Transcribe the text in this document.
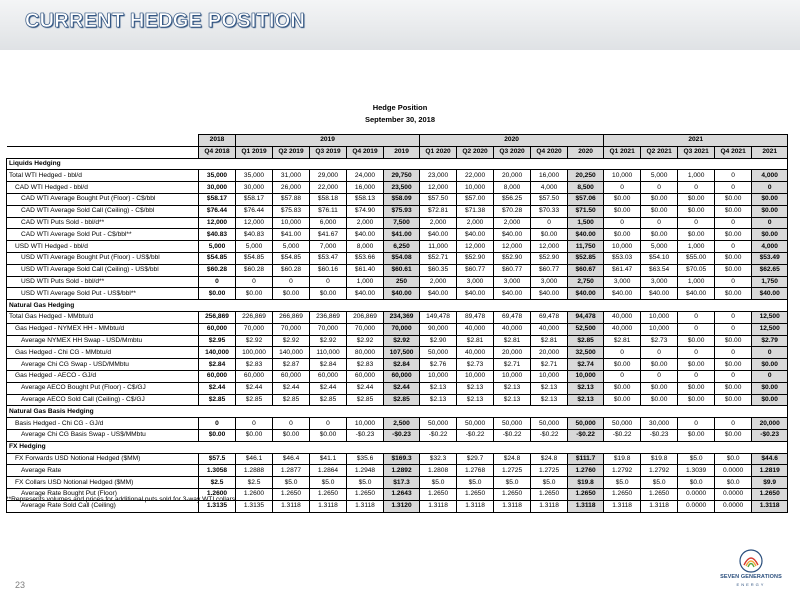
CURRENT HEDGE POSITION
Hedge Position
September 30, 2018
	2018	2019					2020					2021				
	Q4 2018	Q1 2019	Q2 2019	Q3 2019	Q4 2019	2019	Q1 2020	Q2 2020	Q3 2020	Q4 2020	2020	Q1 2021	Q2 2021	Q3 2021	Q4 2021	2021
Liquids Hedging																
Total WTI Hedged - bbl/d	35,000	35,000	31,000	29,000	24,000	29,750	23,000	22,000	20,000	16,000	20,250	10,000	5,000	1,000	0	4,000
CAD WTI Hedged - bbl/d	30,000	30,000	26,000	22,000	16,000	23,500	12,000	10,000	8,000	4,000	8,500	0	0	0	0	0
CAD WTI Average Bought Put (Floor) - C$/bbl	$58.17	$58.17	$57.88	$58.18	$58.13	$58.09	$57.50	$57.00	$56.25	$57.50	$57.06	$0.00	$0.00	$0.00	$0.00	$0.00
CAD WTI Average Sold Call (Ceiling) - C$/bbl	$76.44	$76.44	$75.83	$76.11	$74.90	$75.93	$72.81	$71.38	$70.28	$70.33	$71.50	$0.00	$0.00	$0.00	$0.00	$0.00
CAD WTI Puts Sold - bbl/d**	12,000	12,000	10,000	6,000	2,000	7,500	2,000	2,000	2,000	0	1,500	0	0	0	0	0
CAD WTI Average Sold Put - C$/bbl**	$40.83	$40.83	$41.00	$41.67	$40.00	$41.00	$40.00	$40.00	$40.00	$0.00	$40.00	$0.00	$0.00	$0.00	$0.00	$0.00
USD WTI Hedged - bbl/d	5,000	5,000	5,000	7,000	8,000	6,250	11,000	12,000	12,000	12,000	11,750	10,000	5,000	1,000	0	4,000
USD WTI Average Bought Put (Floor) - US$/bbl	$54.85	$54.85	$54.85	$53.47	$53.66	$54.08	$52.71	$52.90	$52.90	$52.90	$52.85	$53.03	$54.10	$55.00	$0.00	$53.49
USD WTI Average Sold Call (Ceiling) - US$/bbl	$60.28	$60.28	$60.28	$60.16	$61.40	$60.61	$60.35	$60.77	$60.77	$60.77	$60.67	$61.47	$63.54	$70.05	$0.00	$62.65
USD WTI Puts Sold - bbl/d**	0	0	0	0	1,000	250	2,000	3,000	3,000	3,000	2,750	3,000	3,000	1,000	0	1,750
USD WTI Average Sold Put - US$/bbl**	$0.00	$0.00	$0.00	$0.00	$40.00	$40.00	$40.00	$40.00	$40.00	$40.00	$40.00	$40.00	$40.00	$40.00	$0.00	$40.00
Natural Gas Hedging																
Total Gas Hedged - MMbtu/d	256,869	226,869	266,869	236,869	206,869	234,369	149,478	89,478	69,478	69,478	94,478	40,000	10,000	0	0	12,500
Gas Hedged - NYMEX HH - MMbtu/d	60,000	70,000	70,000	70,000	70,000	70,000	90,000	40,000	40,000	40,000	52,500	40,000	10,000	0	0	12,500
Average NYMEX HH Swap - USD/Mmbtu	$2.95	$2.92	$2.92	$2.92	$2.92	$2.92	$2.90	$2.81	$2.81	$2.81	$2.85	$2.81	$2.73	$0.00	$0.00	$2.79
Gas Hedged - Chi CG - MMbtu/d	140,000	100,000	140,000	110,000	80,000	107,500	50,000	40,000	20,000	20,000	32,500	0	0	0	0	0
Average Chi CG Swap - USD/MMbtu	$2.84	$2.83	$2.87	$2.84	$2.83	$2.84	$2.76	$2.73	$2.71	$2.71	$2.74	$0.00	$0.00	$0.00	$0.00	$0.00
Gas Hedged - AECO - GJ/d	60,000	60,000	60,000	60,000	60,000	60,000	10,000	10,000	10,000	10,000	10,000	0	0	0	0	0
Average AECO Bought Put (Floor) - C$/GJ	$2.44	$2.44	$2.44	$2.44	$2.44	$2.44	$2.13	$2.13	$2.13	$2.13	$2.13	$0.00	$0.00	$0.00	$0.00	$0.00
Average AECO Sold Call (Ceiling) - C$/GJ	$2.85	$2.85	$2.85	$2.85	$2.85	$2.85	$2.13	$2.13	$2.13	$2.13	$2.13	$0.00	$0.00	$0.00	$0.00	$0.00
Natural Gas Basis Hedging																
Basis Hedged - Chi CG - GJ/d	0	0	0	0	10,000	2,500	50,000	50,000	50,000	50,000	50,000	50,000	30,000	0	0	20,000
Average Chi CG Basis Swap - US$/MMbtu	$0.00	$0.00	$0.00	$0.00	-$0.23	-$0.23	-$0.22	-$0.22	-$0.22	-$0.22	-$0.22	-$0.22	-$0.23	$0.00	$0.00	-$0.23
FX Hedging																
FX Forwards USD Notional Hedged ($MM)	$57.5	$46.1	$46.4	$41.1	$35.6	$169.3	$32.3	$29.7	$24.8	$24.8	$111.7	$19.8	$19.8	$5.0	$0.0	$44.6
Average Rate	1.3058	1.2888	1.2877	1.2864	1.2948	1.2892	1.2808	1.2768	1.2725	1.2725	1.2760	1.2792	1.2792	1.3039	0.0000	1.2819
FX Collars USD Notional Hedged ($MM)	$2.5	$2.5	$5.0	$5.0	$5.0	$17.3	$5.0	$5.0	$5.0	$5.0	$19.8	$5.0	$5.0	$0.0	$0.0	$9.9
Average Rate Bought Put (Floor)	1.2600	1.2600	1.2650	1.2650	1.2650	1.2643	1.2650	1.2650	1.2650	1.2650	1.2650	1.2650	1.2650	0.0000	0.0000	1.2650
Average Rate Sold Call (Ceiling)	1.3135	1.3135	1.3118	1.3118	1.3118	1.3120	1.3118	1.3118	1.3118	1.3118	1.3118	1.3118	1.3118	0.0000	0.0000	1.3118
**Represents volumes and prices for additional puts sold for 3-way WTI collars
23
SEVEN GENERATIONS
ENERGY
